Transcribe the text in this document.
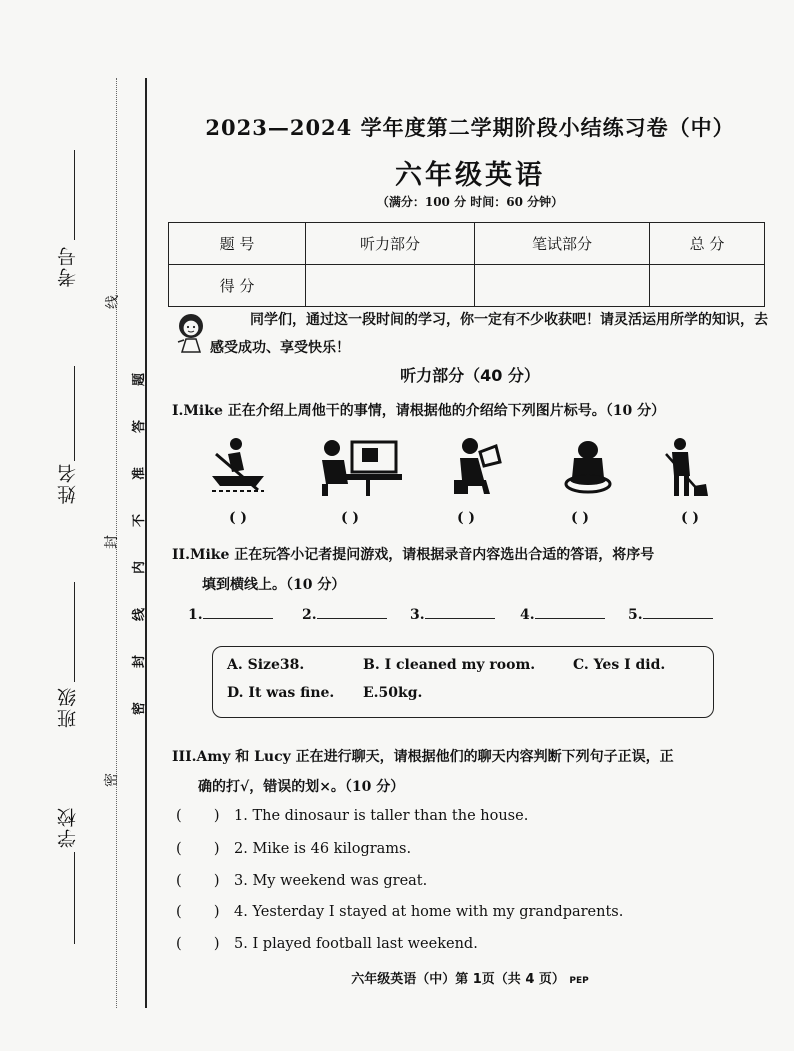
考号
姓名
班级
学校
线
封
密
题
答
准
不
内
线
封
密
2023—2024 学年度第二学期阶段小结练习卷（中）
六年级英语
（满分：100 分 时间：60 分钟）
题 号	听力部分	笔试部分	总 分
得 分			
同学们，通过这一段时间的学习，你一定有不少收获吧！请灵活运用所学的知识，去感受成功、享受快乐！
听力部分（40 分）
I.Mike 正在介绍上周他干的事情，请根据他的介绍给下列图片标号。（10 分）
( )	( )	( )	( )	( )
II.Mike 正在玩答小记者提问游戏，请根据录音内容选出合适的答语，将序号
填到横线上。（10 分）
1.	2.	3.	4.	5.
A. Size38.	B. I cleaned my room.	C. Yes I did.
D. It was fine. E.50kg.
III.Amy 和 Lucy 正在进行聊天，请根据他们的聊天内容判断下列句子正误，正
确的打√，错误的划×。（10 分）
(       ) 1. The dinosaur is taller than the house.
(       ) 2. Mike is 46 kilograms.
(       ) 3. My weekend was great.
(       ) 4. Yesterday I stayed at home with my grandparents.
(       ) 5. I played football last weekend.
六年级英语（中）第 1页（共 4 页） PEP
